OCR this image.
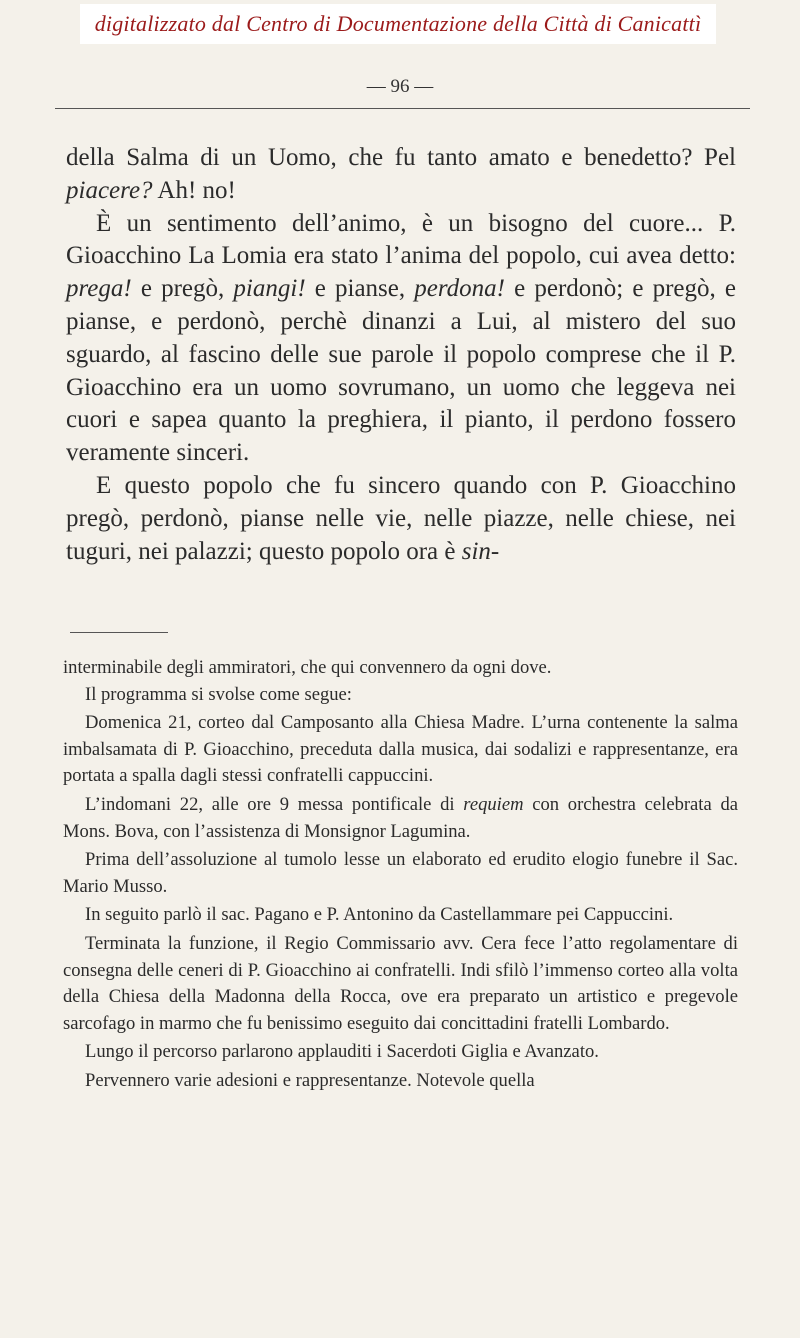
digitalizzato dal Centro di Documentazione della Città di Canicattì
— 96 —

della Salma di un Uomo, che fu tanto amato e benedetto? Pel piacere? Ah! no!

È un sentimento dell’animo, è un bisogno del cuore... P. Gioacchino La Lomia era stato l’anima del popolo, cui avea detto: prega! e pregò, piangi! e pianse, perdona! e perdonò; e pregò, e pianse, e perdonò, perchè dinanzi a Lui, al mistero del suo sguardo, al fascino delle sue parole il popolo comprese che il P. Gioacchino era un uomo sovrumano, un uomo che leggeva nei cuori e sapea quanto la preghiera, il pianto, il perdono fossero veramente sinceri.

E questo popolo che fu sincero quando con P. Gioacchino pregò, perdonò, pianse nelle vie, nelle piazze, nelle chiese, nei tuguri, nei palazzi; questo popolo ora è sin-

interminabile degli ammiratori, che qui convennero da ogni dove.

Il programma si svolse come segue:

Domenica 21, corteo dal Camposanto alla Chiesa Madre. L’urna contenente la salma imbalsamata di P. Gioacchino, preceduta dalla musica, dai sodalizi e rappresentanze, era portata a spalla dagli stessi confratelli cappuccini.

L’indomani 22, alle ore 9 messa pontificale di requiem con orchestra celebrata da Mons. Bova, con l’assistenza di Monsignor Lagumina.

Prima dell’assoluzione al tumolo lesse un elaborato ed erudito elogio funebre il Sac. Mario Musso.

In seguito parlò il sac. Pagano e P. Antonino da Castellammare pei Cappuccini.

Terminata la funzione, il Regio Commissario avv. Cera fece l’atto regolamentare di consegna delle ceneri di P. Gioacchino ai confratelli. Indi sfilò l’immenso corteo alla volta della Chiesa della Madonna della Rocca, ove era preparato un artistico e pregevole sarcofago in marmo che fu benissimo eseguito dai concittadini fratelli Lombardo.

Lungo il percorso parlarono applauditi i Sacerdoti Giglia e Avanzato.

Pervennero varie adesioni e rappresentanze. Notevole quella
